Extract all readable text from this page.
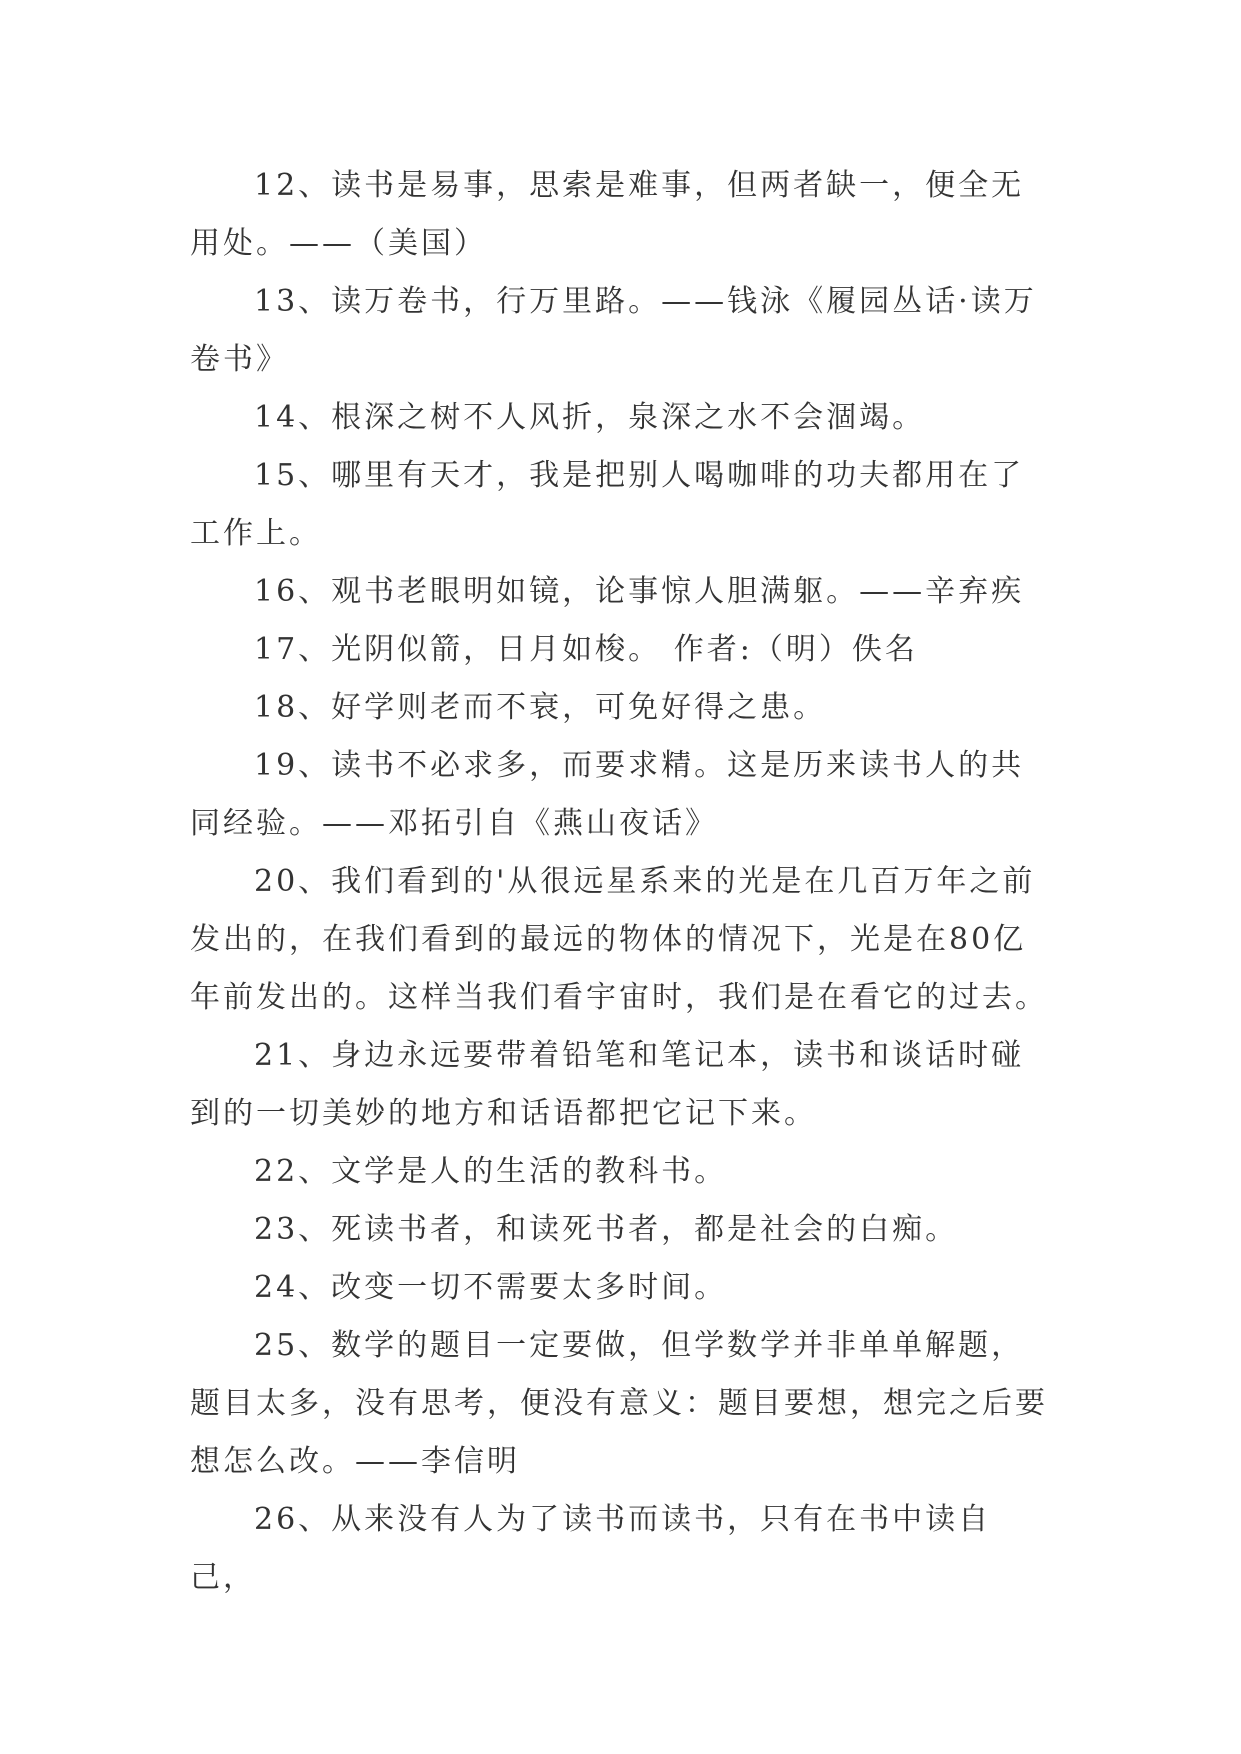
12、读书是易事，思索是难事，但两者缺一，便全无用处。——（美国）

13、读万卷书，行万里路。——钱泳《履园丛话·读万卷书》

14、根深之树不人风折，泉深之水不会涸竭。

15、哪里有天才，我是把别人喝咖啡的功夫都用在了工作上。

16、观书老眼明如镜，论事惊人胆满躯。——辛弃疾

17、光阴似箭，日月如梭。 作者:（明）佚名

18、好学则老而不衰，可免好得之患。

19、读书不必求多，而要求精。这是历来读书人的共同经验。——邓拓引自《燕山夜话》

20、我们看到的'从很远星系来的光是在几百万年之前发出的，在我们看到的最远的物体的情况下，光是在80亿年前发出的。这样当我们看宇宙时，我们是在看它的过去。

21、身边永远要带着铅笔和笔记本，读书和谈话时碰到的一切美妙的地方和话语都把它记下来。

22、文学是人的生活的教科书。

23、死读书者，和读死书者，都是社会的白痴。

24、改变一切不需要太多时间。

25、数学的题目一定要做，但学数学并非单单解题，题目太多，没有思考，便没有意义：题目要想，想完之后要想怎么改。——李信明

26、从来没有人为了读书而读书，只有在书中读自己，
